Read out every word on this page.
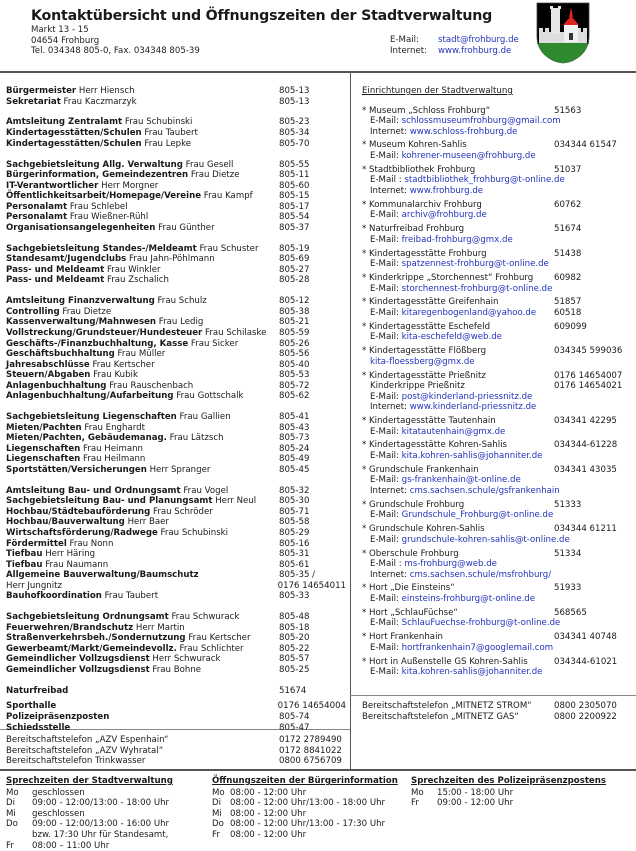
Kontaktübersicht und Öffnungszeiten der Stadtverwaltung
Markt 13 - 15
04654 Frohburg
Tel. 034348 805-0, Fax. 034348 805-39
E-Mail: stadt@frohburg.de
Internet: www.frohburg.de
Bürgermeister Herr Hiensch	805-13
Sekretariat Frau Kaczmarzyk	805-13
Amtsleitung Zentralamt Frau Schubinski	805-23
Kindertagesstätten/Schulen Frau Taubert	805-34
Kindertagesstätten/Schulen Frau Lepke	805-70
Sachgebietsleitung Allg. Verwaltung Frau Gesell	805-55
Bürgerinformation, Gemeindezentren Frau Dietze	805-11
IT-Verantwortlicher Herr Morgner	805-60
Öffentlichkeitsarbeit/Homepage/Vereine Frau Kampf	805-15
Personalamt Frau Schlebel	805-17
Personalamt Frau Wießner-Rühl	805-54
Organisationsangelegenheiten Frau Günther	805-37
Sachgebietsleitung Standes-/Meldeamt Frau Schuster	805-19
Standesamt/Jugendclubs Frau Jahn-Pöhlmann	805-69
Pass- und Meldeamt Frau Winkler	805-27
Pass- und Meldeamt Frau Zschalich	805-28
Amtsleitung Finanzverwaltung Frau Schulz	805-12
Controlling Frau Dietze	805-38
Kassenverwaltung/Mahnwesen Frau Ledig	805-21
Vollstreckung/Grundsteuer/Hundesteuer Frau Schilaske	805-59
Geschäfts-/Finanzbuchhaltung, Kasse Frau Sicker	805-26
Geschäftsbuchhaltung Frau Müller	805-56
Jahresabschlüsse Frau Kertscher	805-40
Steuern/Abgaben Frau Kubik	805-53
Anlagenbuchhaltung Frau Rauschenbach	805-72
Anlagenbuchhaltung/Aufarbeitung Frau Gottschalk	805-62
Sachgebietsleitung Liegenschaften Frau Gallien	805-41
Mieten/Pachten Frau Enghardt	805-43
Mieten/Pachten, Gebäudemanag. Frau Lätzsch	805-73
Liegenschaften Frau Heimann	805-24
Liegenschaften Frau Heilmann	805-49
Sportstätten/Versicherungen Herr Spranger	805-45
Amtsleitung Bau- und Ordnungsamt Frau Vogel	805-32
Sachgebietsleitung Bau- und Planungsamt Herr Neul	805-30
Hochbau/Städtebauförderung Frau Schröder	805-71
Hochbau/Bauverwaltung Herr Baer	805-58
Wirtschaftsförderung/Radwege Frau Schubinski	805-29
Fördermittel Frau Nonn	805-16
Tiefbau Herr Häring	805-31
Tiefbau Frau Naumann	805-61
Allgemeine Bauverwaltung/Baumschutz	805-35 /
Herr Jungnitz	0176 14654011
Bauhofkoordination Frau Taubert	805-33
Sachgebietsleitung Ordnungsamt Frau Schwurack	805-48
Feuerwehren/Brandschutz Herr Martin	805-18
Straßenverkehrsbeh./Sondernutzung Frau Kertscher	805-20
Gewerbeamt/Markt/Gemeindevollz. Frau Schlichter	805-22
Gemeindlicher Vollzugsdienst Herr Schwurack	805-57
Gemeindlicher Vollzugsdienst Frau Bohne	805-25
Naturfreibad	51674
Sporthalle	0176 14654004
Polizeipräsenzposten	805-74
Schiedsstelle	805-47
Einrichtungen der Stadtverwaltung
* Museum „Schloss Frohburg“	51563
E-Mail: schlossmuseumfrohburg@gmail.com
Internet: www.schloss-frohburg.de
* Museum Kohren-Sahlis	034344 61547
E-Mail: kohrener-museen@frohburg.de
* Stadtbibliothek Frohburg	51037
E-Mail : stadtbibliothek_frohburg@t-online.de
Internet: www.frohburg.de
* Kommunalarchiv Frohburg	60762
E-Mail: archiv@frohburg.de
* Naturfreibad Frohburg	51674
E-Mail: freibad-frohburg@gmx.de
* Kindertagesstätte Frohburg	51438
E-Mail: spatzennest-frohburg@t-online.de
* Kinderkrippe „Storchennest“ Frohburg	60982
E-Mail: storchennest-frohburg@t-online.de
* Kindertagesstätte Greifenhain	51857
E-Mail: kitaregenbogenland@yahoo.de	60518
* Kindertagesstätte Eschefeld	609099
E-Mail: kita-eschefeld@web.de
* Kindertagesstätte Flößberg	034345 599036
kita-floessberg@gmx.de
* Kindertagesstätte Prießnitz	0176 14654007
Kinderkrippe Prießnitz	0176 14654021
E-Mail: post@kinderland-priessnitz.de
Internet: www.kinderland-priessnitz.de
* Kindertagesstätte Tautenhain	034341 42295
E-Mail: kitatautenhain@gmx.de
* Kindertagesstätte Kohren-Sahlis	034344-61228
E-Mail: kita.kohren-sahlis@johanniter.de
* Grundschule Frankenhain	034341 43035
E-Mail: gs-frankenhain@t-online.de
Internet: cms.sachsen.schule/gsfrankenhain
* Grundschule Frohburg	51333
E-Mail: Grundschule_Frohburg@t-online.de
* Grundschule Kohren-Sahlis	034344 61211
E-Mail: grundschule-kohren-sahlis@t-online.de
* Oberschule Frohburg	51334
E-Mail : ms-frohburg@web.de
Internet: cms.sachsen.schule/msfrohburg/
* Hort „Die Einsteins“	51933
E-Mail: einsteins-frohburg@t-online.de
* Hort „SchlauFüchse“	568565
E-Mail: SchlauFuechse-frohburg@t-online.de
* Hort Frankenhain	034341 40748
E-Mail: hortfrankenhain7@googlemail.com
* Hort in Außenstelle GS Kohren-Sahlis	034344-61021
E-Mail: kita.kohren-sahlis@johanniter.de
Bereitschaftstelefon „AZV Espenhain“	0172 2789490
Bereitschaftstelefon „AZV Wyhratal“	0172 8841022
Bereitschaftstelefon Trinkwasser	0800 6756709
Bereitschaftstelefon „MITNETZ STROM“	0800 2305070
Bereitschaftstelefon „MITNETZ GAS“	0800 2200922
Sprechzeiten der Stadtverwaltung
Mo	geschlossen
Di	09:00 - 12:00/13:00 - 18:00 Uhr
Mi	geschlossen
Do	09:00 - 12:00/13:00 - 16:00 Uhr
bzw. 17:30 Uhr für Standesamt,
Fr	08:00 – 11:00 Uhr
Öffnungszeiten der Bürgerinformation
Mo 08:00 - 12:00 Uhr
Di	08:00 - 12:00 Uhr/13:00 - 18:00 Uhr
Mi 08:00 - 12:00 Uhr
Do 08:00 - 12:00 Uhr/13:00 - 17:30 Uhr
Fr	08:00 - 12:00 Uhr
Sprechzeiten des Polizeipräsenzpostens
Mo	15:00 - 18:00 Uhr
Fr	09:00 - 12:00 Uhr
